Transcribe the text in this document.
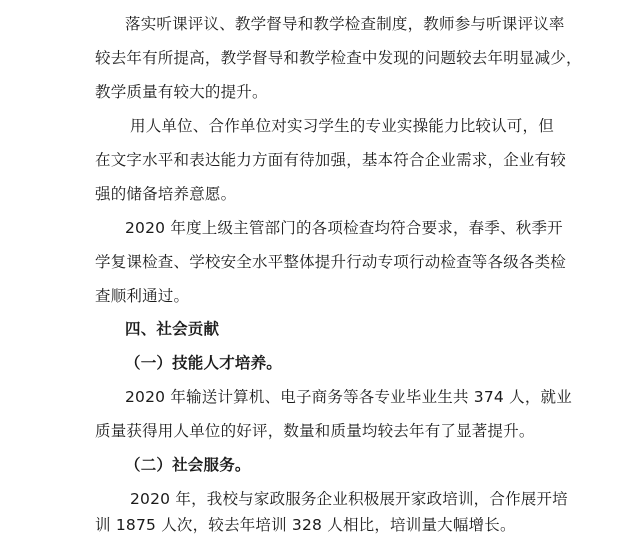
落实听课评议、教学督导和教学检查制度，教师参与听课评议率
较去年有所提高，教学督导和教学检查中发现的问题较去年明显减少，
教学质量有较大的提升。
用人单位、合作单位对实习学生的专业实操能力比较认可，但
在文字水平和表达能力方面有待加强，基本符合企业需求，企业有较
强的储备培养意愿。
2020 年度上级主管部门的各项检查均符合要求，春季、秋季开
学复课检查、学校安全水平整体提升行动专项行动检查等各级各类检
查顺利通过。
四、社会贡献
（一）技能人才培养。
2020 年输送计算机、电子商务等各专业毕业生共 374 人，就业
质量获得用人单位的好评，数量和质量均较去年有了显著提升。
（二）社会服务。
2020 年，我校与家政服务企业积极展开家政培训，合作展开培
训 1875 人次，较去年培训 328 人相比，培训量大幅增长。
